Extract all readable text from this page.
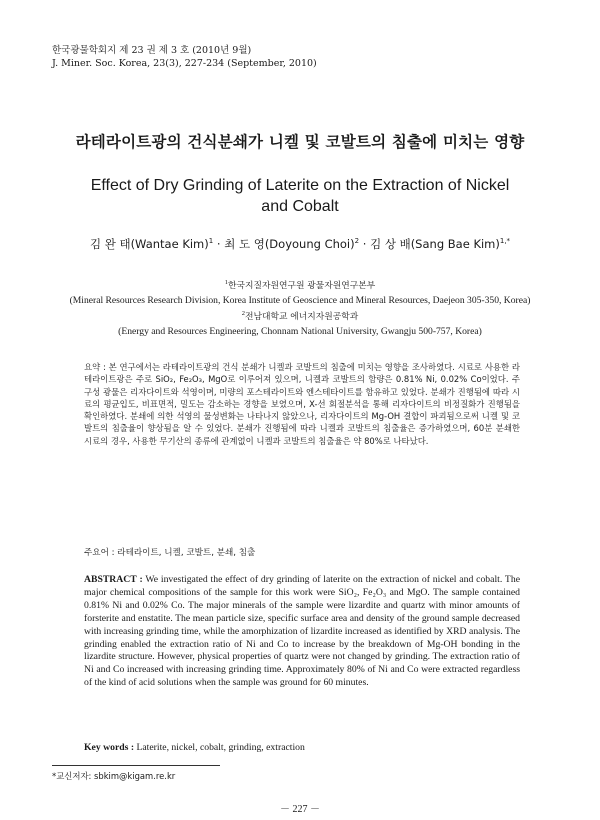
한국광물학회지 제 23 권 제 3 호 (2010년 9월)
J. Miner. Soc. Korea, 23(3), 227-234 (September, 2010)
라테라이트광의 건식분쇄가 니켈 및 코발트의 침출에 미치는 영향
Effect of Dry Grinding of Laterite on the Extraction of Nickel and Cobalt
김 완 태(Wantae Kim)$^1$ · 최 도 영(Doyoung Choi)$^2$ · 김 상 배(Sang Bae Kim)$^{1,*}$
$^1$한국지질자원연구원 광물자원연구본부
(Mineral Resources Research Division, Korea Institute of Geoscience and Mineral Resources, Daejeon 305-350, Korea)
$^2$전남대학교 에너지자원공학과
(Energy and Resources Engineering, Chonnam National University, Gwangju 500-757, Korea)
요약 : 본 연구에서는 라테라이트광의 건식 분쇄가 니켈과 코발트의 침출에 미치는 영향을 조사하였다. 시료로 사용한 라테라이트광은 주로 SiO₂, Fe₂O₃, MgO로 이루어져 있으며, 니켈과 코발트의 함량은 0.81% Ni, 0.02% Co이었다. 주 구성 광물은 리자다이트와 석영이며, 미량의 포스테라이트와 엔스테타이트를 함유하고 있었다. 분쇄가 진행됨에 따라 시료의 평균입도, 비표면적, 밀도는 감소하는 경향을 보였으며, X-선 회절분석을 통해 리자다이트의 비정질화가 진행됨을 확인하였다. 분쇄에 의한 석영의 물성변화는 나타나지 않았으나, 리자다이트의 Mg-OH 결합이 파괴됨으로써 니켈 및 코발트의 침출율이 향상됨을 알 수 있었다. 분쇄가 진행됨에 따라 니켈과 코발트의 침출율은 증가하였으며, 60분 분쇄한 시료의 경우, 사용한 무기산의 종류에 관계없이 니켈과 코발트의 침출율은 약 80%로 나타났다.
주요어 : 라테라이트, 니켈, 코발트, 분쇄, 침출
ABSTRACT : We investigated the effect of dry grinding of laterite on the extraction of nickel and cobalt. The major chemical compositions of the sample for this work were SiO₂, Fe₂O₃ and MgO. The sample contained 0.81% Ni and 0.02% Co. The major minerals of the sample were lizardite and quartz with minor amounts of forsterite and enstatite. The mean particle size, specific surface area and density of the ground sample decreased with increasing grinding time, while the amorphization of lizardite increased as identified by XRD analysis. The grinding enabled the extraction ratio of Ni and Co to increase by the breakdown of Mg-OH bonding in the lizardite structure. However, physical properties of quartz were not changed by grinding. The extraction ratio of Ni and Co increased with increasing grinding time. Approximately 80% of Ni and Co were extracted regardless of the kind of acid solutions when the sample was ground for 60 minutes.
Key words : Laterite, nickel, cobalt, grinding, extraction
*교신저자: sbkim@kigam.re.kr
－ 227 －
